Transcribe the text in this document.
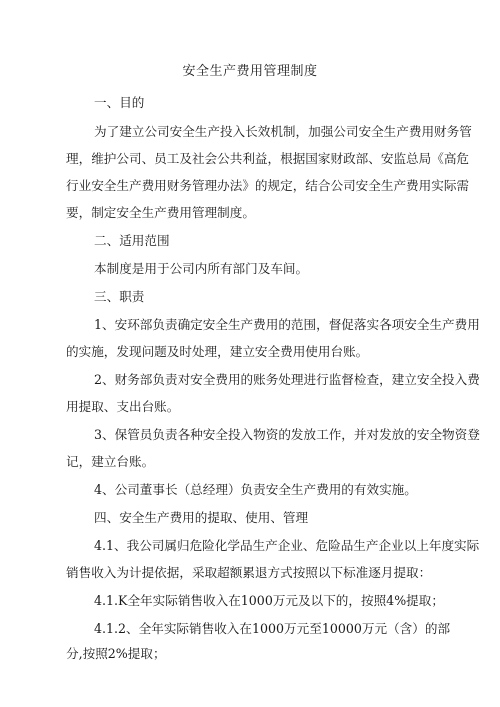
安全生产费用管理制度
一、目的
为了建立公司安全生产投入长效机制，加强公司安全生产费用财务管
理，维护公司、员工及社会公共利益，根据国家财政部、安监总局《高危
行业安全生产费用财务管理办法》的规定，结合公司安全生产费用实际需
要，制定安全生产费用管理制度。
二、适用范围
本制度是用于公司内所有部门及车间。
三、职责
1、安环部负责确定安全生产费用的范围，督促落实各项安全生产费用
的实施，发现问题及时处理，建立安全费用使用台账。
2、财务部负责对安全费用的账务处理进行监督检查，建立安全投入费
用提取、支出台账。
3、保管员负责各种安全投入物资的发放工作，并对发放的安全物资登
记，建立台账。
4、公司董事长（总经理）负责安全生产费用的有效实施。
四、安全生产费用的提取、使用、管理
4.1、我公司属归危险化学品生产企业、危险品生产企业以上年度实际
销售收入为计提依据，采取超额累退方式按照以下标准逐月提取：
4.1.K全年实际销售收入在1000万元及以下的，按照4%提取；
4.1.2、全年实际销售收入在1000万元至10000万元（含）的部
分,按照2%提取；
